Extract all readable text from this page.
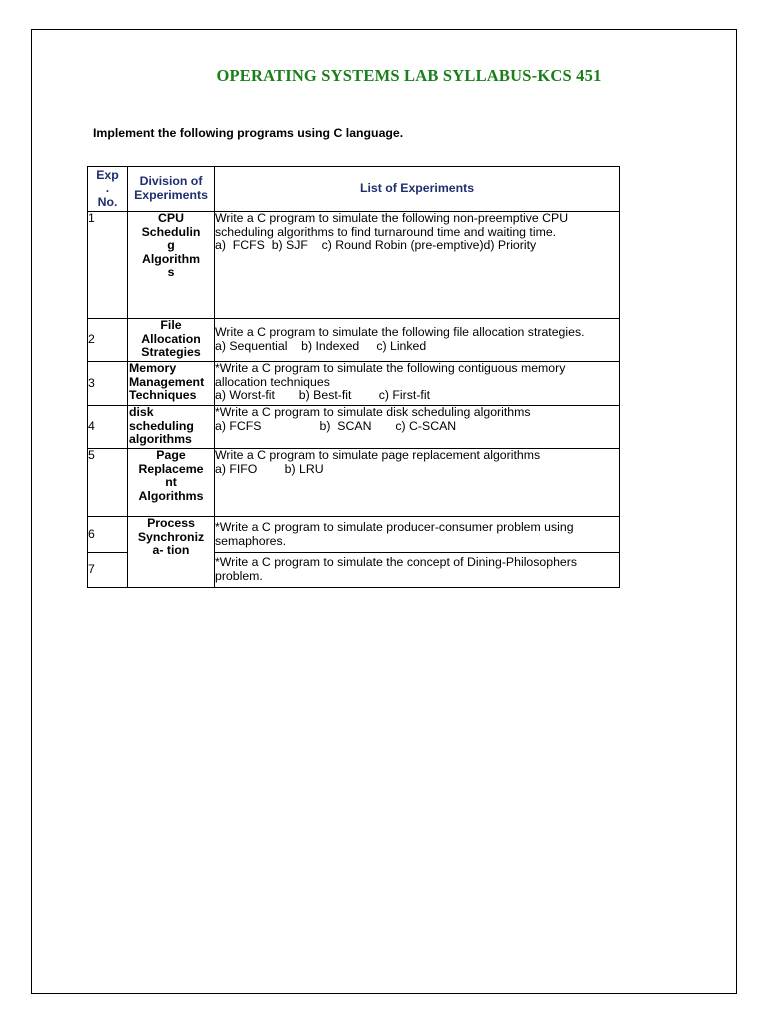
OPERATING SYSTEMS LAB SYLLABUS-KCS 451
Implement the following programs using C language.
Exp
.
No.	Division of
Experiments	List of Experiments
1	CPU
Schedulin
g
Algorithm
s	Write a C program to simulate the following non-preemptive CPU
scheduling algorithms to find turnaround time and waiting time.
a)  FCFS  b) SJF    c) Round Robin (pre-emptive)d) Priority

2	File
Allocation
Strategies	Write a C program to simulate the following file allocation strategies.
a) Sequential    b) Indexed     c) Linked

3	Memory
Management
Techniques	*Write a C program to simulate the following contiguous memory
allocation techniques
a) Worst-fit       b) Best-fit        c) First-fit

4	disk
scheduling
algorithms	*Write a C program to simulate disk scheduling algorithms
a) FCFS                 b)  SCAN       c) C-SCAN

5	Page
Replaceme
nt
Algorithms	Write a C program to simulate page replacement algorithms
a) FIFO        b) LRU

6	Process
Synchroniz
a- tion	*Write a C program to simulate producer-consumer problem using
semaphores.

7		*Write a C program to simulate the concept of Dining-Philosophers
problem.
